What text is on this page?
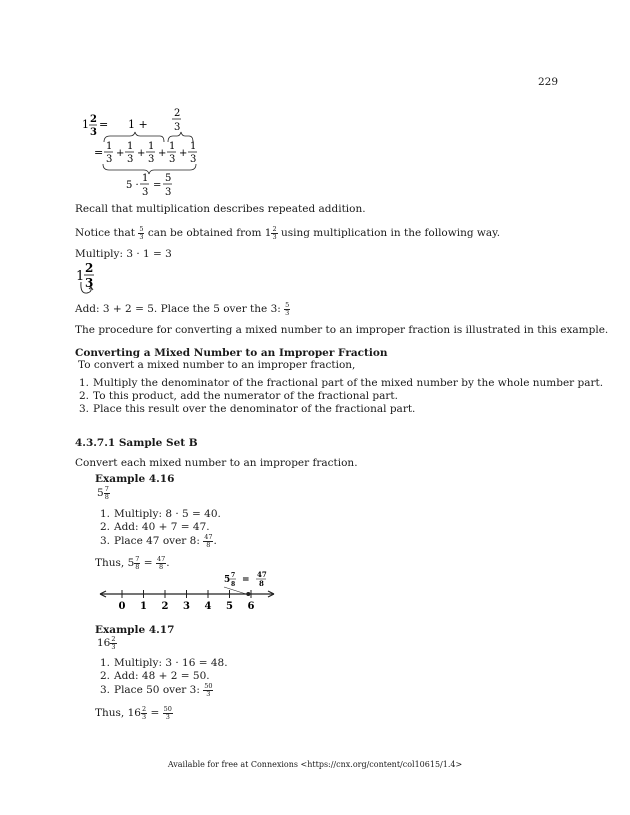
229
1 2
3
= 1 +
2
3
= 1
3
+
1
3
+
1
3
+
1
3
+
1
3
5 ·
1
3
=
5
3
Recall that multiplication describes repeated addition.
Notice that $\frac{5}{3}$ can be obtained from $1 \frac{2}{3}$ using multiplication in the following way.
Multiply: 3 · 1 = 3
1
2
3
Add: 3 + 2 = 5. Place the 5 over the 3: $\frac{5}{3}$
The procedure for converting a mixed number to an improper fraction is illustrated in this example.
Converting a Mixed Number to an Improper Fraction
To convert a mixed number to an improper fraction,
1. Multiply the denominator of the fractional part of the mixed number by the whole number part.
2. To this product, add the numerator of the fractional part.
3. Place this result over the denominator of the fractional part.
4.3.7.1 Sample Set B
Convert each mixed number to an improper fraction.
Example 4.16
$5 \frac{7}{8}$
1. Multiply: 8 · 5 = 40.
2. Add: 40 + 7 = 47.
3. Place 47 over 8: $\frac{47}{8}$ .
Thus, $5 \frac{7}{8} = \frac{47}{8}$ .
5 7
8 =
47
8
0 1 2 3 4 5 6
Example 4.17
$16 \frac{2}{3}$
1. Multiply: 3 · 16 = 48.
2. Add: 48 + 2 = 50.
3. Place 50 over 3: $\frac{50}{3}$
Thus, $16 \frac{2}{3} = \frac{50}{3}$
Available for free at Connexions <https://cnx.org/content/col10615/1.4>
